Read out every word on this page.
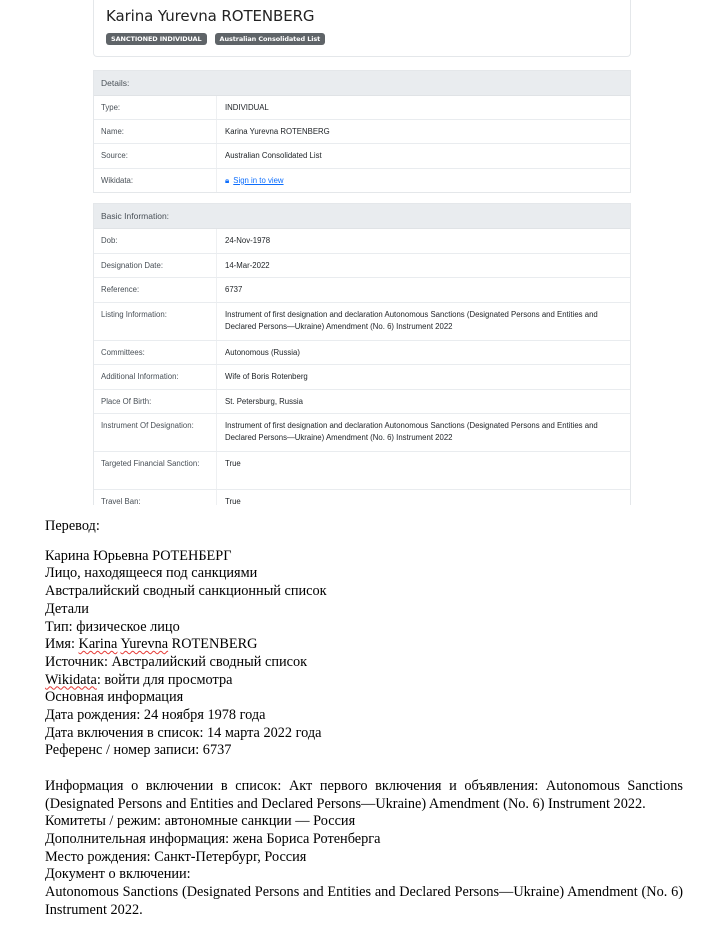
Karina Yurevna ROTENBERG
SANCTIONED INDIVIDUAL	Australian Consolidated List
Details:
Type:	INDIVIDUAL
Name:	Karina Yurevna ROTENBERG
Source:	Australian Consolidated List
Wikidata:	🔒︎ Sign in to view
Basic Information:
Dob:	24-Nov-1978
Designation Date:	14-Mar-2022
Reference:	6737
Listing Information:	Instrument of first designation and declaration Autonomous Sanctions (Designated Persons and Entities and Declared Persons—Ukraine) Amendment (No. 6) Instrument 2022
Committees:	Autonomous (Russia)
Additional Information:	Wife of Boris Rotenberg
Place Of Birth:	St. Petersburg, Russia
Instrument Of Designation:	Instrument of first designation and declaration Autonomous Sanctions (Designated Persons and Entities and Declared Persons—Ukraine) Amendment (No. 6) Instrument 2022
Targeted Financial Sanction:	True
Travel Ban:	True

Перевод:

Карина Юрьевна РОТЕНБЕРГ

Лицо, находящееся под санкциями

Австралийский сводный санкционный список

Детали

Тип: физическое лицо

Имя: Karina Yurevna ROTENBERG

Источник: Австралийский сводный список

Wikidata: войти для просмотра

Основная информация

Дата рождения: 24 ноября 1978 года

Дата включения в список: 14 марта 2022 года

Референс / номер записи: 6737

Информация о включении в список: Акт первого включения и объявления: Autonomous Sanctions (Designated Persons and Entities and Declared Persons—Ukraine) Amendment (No. 6) Instrument 2022.

Комитеты / режим: автономные санкции — Россия

Дополнительная информация: жена Бориса Ротенберга

Место рождения: Санкт-Петербург, Россия

Документ о включении:

Autonomous Sanctions (Designated Persons and Entities and Declared Persons—Ukraine) Amendment (No. 6) Instrument 2022.
